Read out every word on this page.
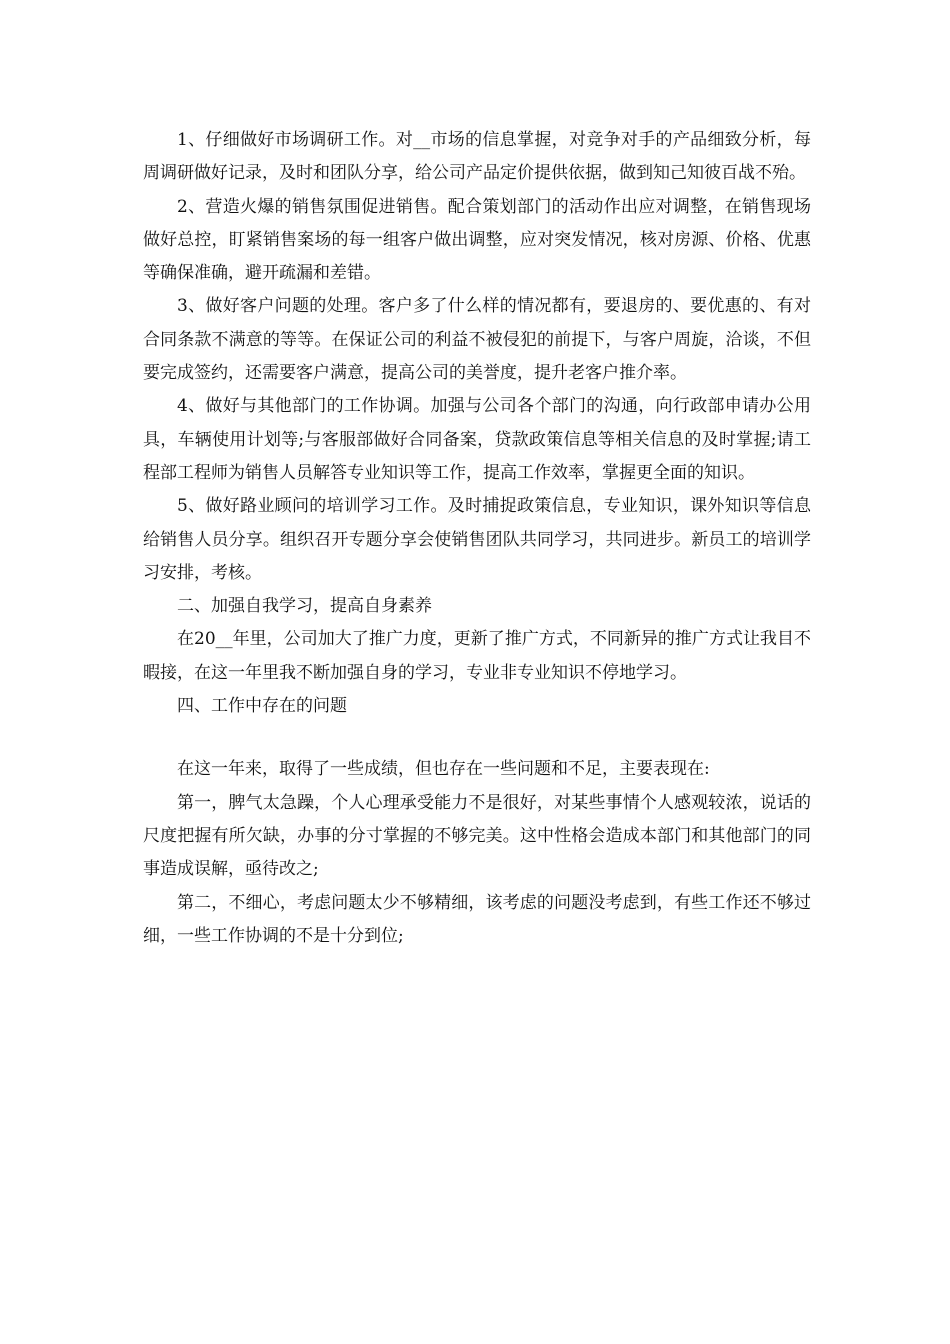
1、仔细做好市场调研工作。对__市场的信息掌握，对竞争对手的产品细致分析，每周调研做好记录，及时和团队分享，给公司产品定价提供依据，做到知己知彼百战不殆。

2、营造火爆的销售氛围促进销售。配合策划部门的活动作出应对调整，在销售现场做好总控，盯紧销售案场的每一组客户做出调整，应对突发情况，核对房源、价格、优惠等确保准确，避开疏漏和差错。

3、做好客户问题的处理。客户多了什么样的情况都有，要退房的、要优惠的、有对合同条款不满意的等等。在保证公司的利益不被侵犯的前提下，与客户周旋，洽谈，不但要完成签约，还需要客户满意，提高公司的美誉度，提升老客户推介率。

4、做好与其他部门的工作协调。加强与公司各个部门的沟通，向行政部申请办公用具，车辆使用计划等;与客服部做好合同备案，贷款政策信息等相关信息的及时掌握;请工程部工程师为销售人员解答专业知识等工作，提高工作效率，掌握更全面的知识。

5、做好路业顾问的培训学习工作。及时捕捉政策信息，专业知识，课外知识等信息给销售人员分享。组织召开专题分享会使销售团队共同学习，共同进步。新员工的培训学习安排，考核。

二、加强自我学习，提高自身素养

在20__年里，公司加大了推广力度，更新了推广方式，不同新异的推广方式让我目不暇接，在这一年里我不断加强自身的学习，专业非专业知识不停地学习。

四、工作中存在的问题

在这一年来，取得了一些成绩，但也存在一些问题和不足，主要表现在:

第一，脾气太急躁，个人心理承受能力不是很好，对某些事情个人感观较浓，说话的尺度把握有所欠缺，办事的分寸掌握的不够完美。这中性格会造成本部门和其他部门的同事造成误解，亟待改之;

第二，不细心，考虑问题太少不够精细，该考虑的问题没考虑到，有些工作还不够过细，一些工作协调的不是十分到位;
